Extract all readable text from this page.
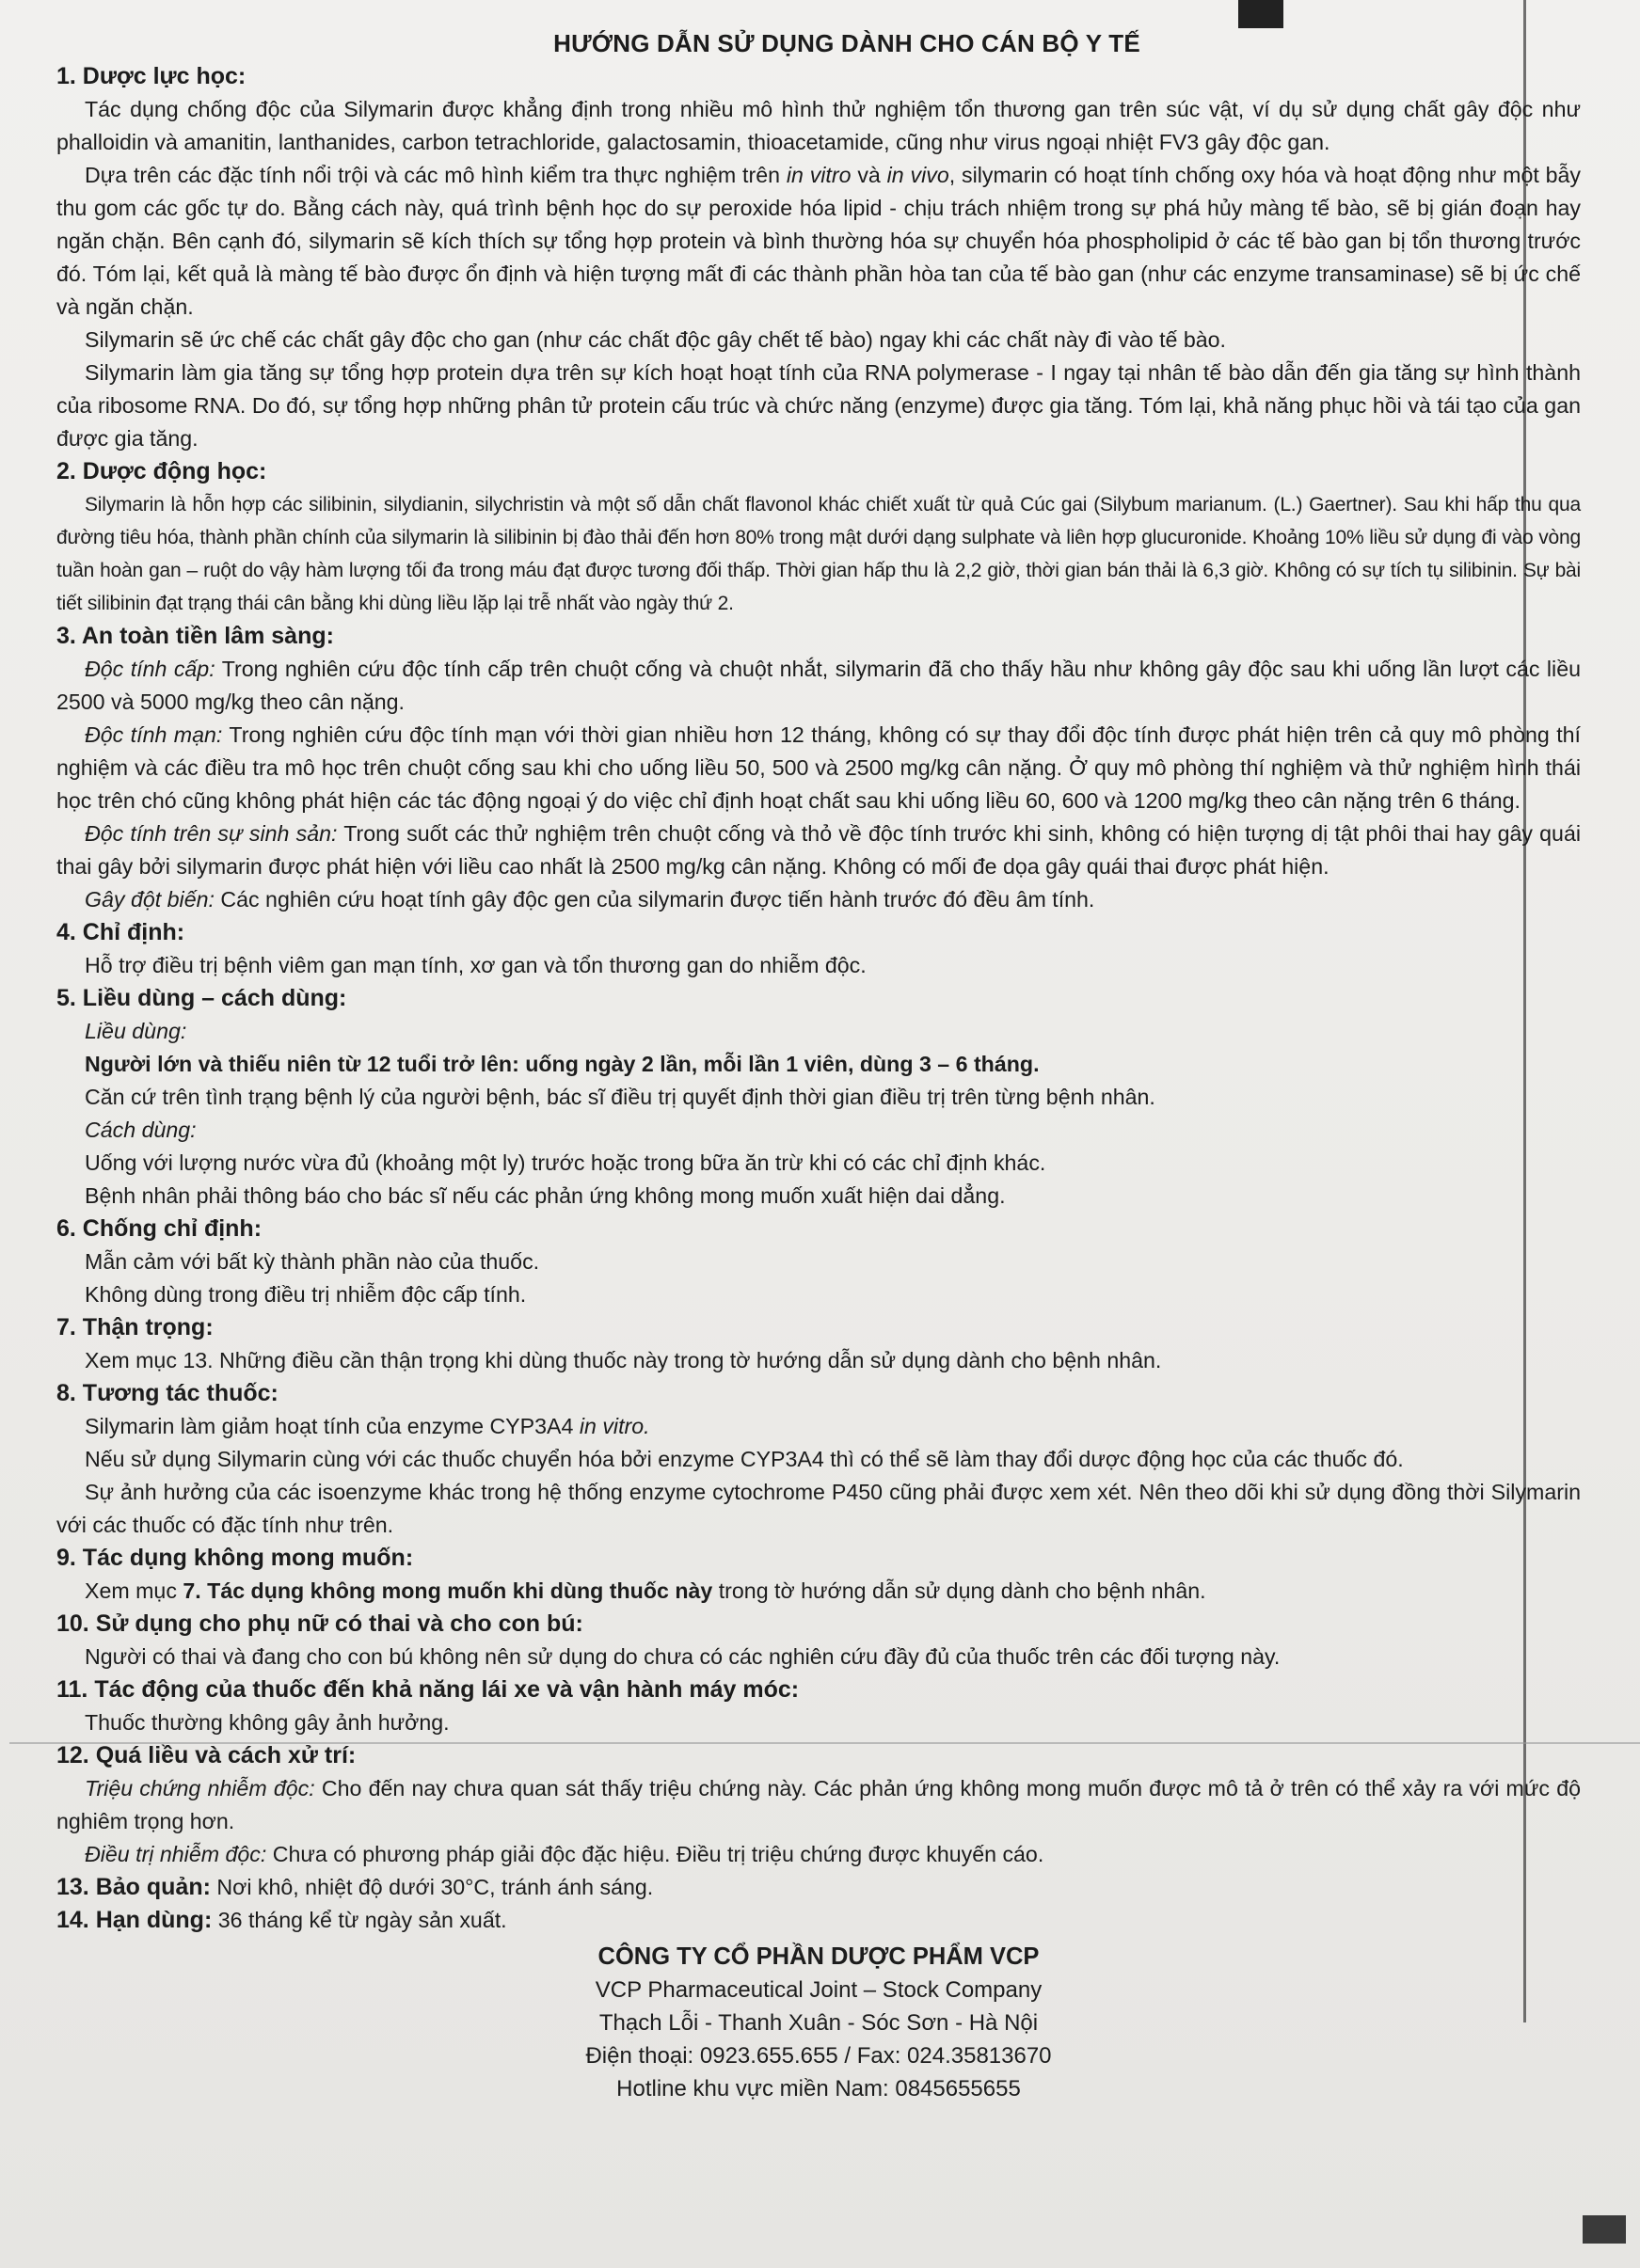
HƯỚNG DẪN SỬ DỤNG DÀNH CHO CÁN BỘ Y TẾ
1. Dược lực học:
Tác dụng chống độc của Silymarin được khẳng định trong nhiều mô hình thử nghiệm tổn thương gan trên súc vật, ví dụ sử dụng chất gây độc như phalloidin và amanitin, lanthanides, carbon tetrachloride, galactosamin, thioacetamide, cũng như virus ngoại nhiệt FV3 gây độc gan.
Dựa trên các đặc tính nổi trội và các mô hình kiểm tra thực nghiệm trên in vitro và in vivo, silymarin có hoạt tính chống oxy hóa và hoạt động như một bẫy thu gom các gốc tự do. Bằng cách này, quá trình bệnh học do sự peroxide hóa lipid - chịu trách nhiệm trong sự phá hủy màng tế bào, sẽ bị gián đoạn hay ngăn chặn. Bên cạnh đó, silymarin sẽ kích thích sự tổng hợp protein và bình thường hóa sự chuyển hóa phospholipid ở các tế bào gan bị tổn thương trước đó. Tóm lại, kết quả là màng tế bào được ổn định và hiện tượng mất đi các thành phần hòa tan của tế bào gan (như các enzyme transaminase) sẽ bị ức chế và ngăn chặn.
Silymarin sẽ ức chế các chất gây độc cho gan (như các chất độc gây chết tế bào) ngay khi các chất này đi vào tế bào.
Silymarin làm gia tăng sự tổng hợp protein dựa trên sự kích hoạt hoạt tính của RNA polymerase - I ngay tại nhân tế bào dẫn đến gia tăng sự hình thành của ribosome RNA. Do đó, sự tổng hợp những phân tử protein cấu trúc và chức năng (enzyme) được gia tăng. Tóm lại, khả năng phục hồi và tái tạo của gan được gia tăng.
2. Dược động học:
Silymarin là hỗn hợp các silibinin, silydianin, silychristin và một số dẫn chất flavonol khác chiết xuất từ quả Cúc gai (Silybum marianum. (L.) Gaertner). Sau khi hấp thu qua đường tiêu hóa, thành phần chính của silymarin là silibinin bị đào thải đến hơn 80% trong mật dưới dạng sulphate và liên hợp glucuronide. Khoảng 10% liều sử dụng đi vào vòng tuần hoàn gan – ruột do vậy hàm lượng tối đa trong máu đạt được tương đối thấp. Thời gian hấp thu là 2,2 giờ, thời gian bán thải là 6,3 giờ. Không có sự tích tụ silibinin. Sự bài tiết silibinin đạt trạng thái cân bằng khi dùng liều lặp lại trễ nhất vào ngày thứ 2.
3. An toàn tiền lâm sàng:
Độc tính cấp: Trong nghiên cứu độc tính cấp trên chuột cống và chuột nhắt, silymarin đã cho thấy hầu như không gây độc sau khi uống lần lượt các liều 2500 và 5000 mg/kg theo cân nặng.
Độc tính mạn: Trong nghiên cứu độc tính mạn với thời gian nhiều hơn 12 tháng, không có sự thay đổi độc tính được phát hiện trên cả quy mô phòng thí nghiệm và các điều tra mô học trên chuột cống sau khi cho uống liều 50, 500 và 2500 mg/kg cân nặng. Ở quy mô phòng thí nghiệm và thử nghiệm hình thái học trên chó cũng không phát hiện các tác động ngoại ý do việc chỉ định hoạt chất sau khi uống liều 60, 600 và 1200 mg/kg theo cân nặng trên 6 tháng.
Độc tính trên sự sinh sản: Trong suốt các thử nghiệm trên chuột cống và thỏ về độc tính trước khi sinh, không có hiện tượng dị tật phôi thai hay gây quái thai gây bởi silymarin được phát hiện với liều cao nhất là 2500 mg/kg cân nặng. Không có mối đe dọa gây quái thai được phát hiện.
Gây đột biến: Các nghiên cứu hoạt tính gây độc gen của silymarin được tiến hành trước đó đều âm tính.
4. Chỉ định:
Hỗ trợ điều trị bệnh viêm gan mạn tính, xơ gan và tổn thương gan do nhiễm độc.
5. Liều dùng – cách dùng:
Liều dùng:
Người lớn và thiếu niên từ 12 tuổi trở lên: uống ngày 2 lần, mỗi lần 1 viên, dùng 3 – 6 tháng.
Căn cứ trên tình trạng bệnh lý của người bệnh, bác sĩ điều trị quyết định thời gian điều trị trên từng bệnh nhân.
Cách dùng:
Uống với lượng nước vừa đủ (khoảng một ly) trước hoặc trong bữa ăn trừ khi có các chỉ định khác.
Bệnh nhân phải thông báo cho bác sĩ nếu các phản ứng không mong muốn xuất hiện dai dẳng.
6. Chống chỉ định:
Mẫn cảm với bất kỳ thành phần nào của thuốc.
Không dùng trong điều trị nhiễm độc cấp tính.
7. Thận trọng:
Xem mục 13. Những điều cần thận trọng khi dùng thuốc này trong tờ hướng dẫn sử dụng dành cho bệnh nhân.
8. Tương tác thuốc:
Silymarin làm giảm hoạt tính của enzyme CYP3A4 in vitro.
Nếu sử dụng Silymarin cùng với các thuốc chuyển hóa bởi enzyme CYP3A4 thì có thể sẽ làm thay đổi dược động học của các thuốc đó.
Sự ảnh hưởng của các isoenzyme khác trong hệ thống enzyme cytochrome P450 cũng phải được xem xét. Nên theo dõi khi sử dụng đồng thời Silymarin với các thuốc có đặc tính như trên.
9. Tác dụng không mong muốn:
Xem mục 7. Tác dụng không mong muốn khi dùng thuốc này trong tờ hướng dẫn sử dụng dành cho bệnh nhân.
10. Sử dụng cho phụ nữ có thai và cho con bú:
Người có thai và đang cho con bú không nên sử dụng do chưa có các nghiên cứu đầy đủ của thuốc trên các đối tượng này.
11. Tác động của thuốc đến khả năng lái xe và vận hành máy móc:
Thuốc thường không gây ảnh hưởng.
12. Quá liều và cách xử trí:
Triệu chứng nhiễm độc: Cho đến nay chưa quan sát thấy triệu chứng này. Các phản ứng không mong muốn được mô tả ở trên có thể xảy ra với mức độ nghiêm trọng hơn.
Điều trị nhiễm độc: Chưa có phương pháp giải độc đặc hiệu. Điều trị triệu chứng được khuyến cáo.
13. Bảo quản: Nơi khô, nhiệt độ dưới 30°C, tránh ánh sáng.
14. Hạn dùng: 36 tháng kể từ ngày sản xuất.
CÔNG TY CỔ PHẦN DƯỢC PHẨM VCP
VCP Pharmaceutical Joint – Stock Company
Thạch Lỗi - Thanh Xuân - Sóc Sơn - Hà Nội
Điện thoại: 0923.655.655 / Fax: 024.35813670
Hotline khu vực miền Nam: 0845655655
